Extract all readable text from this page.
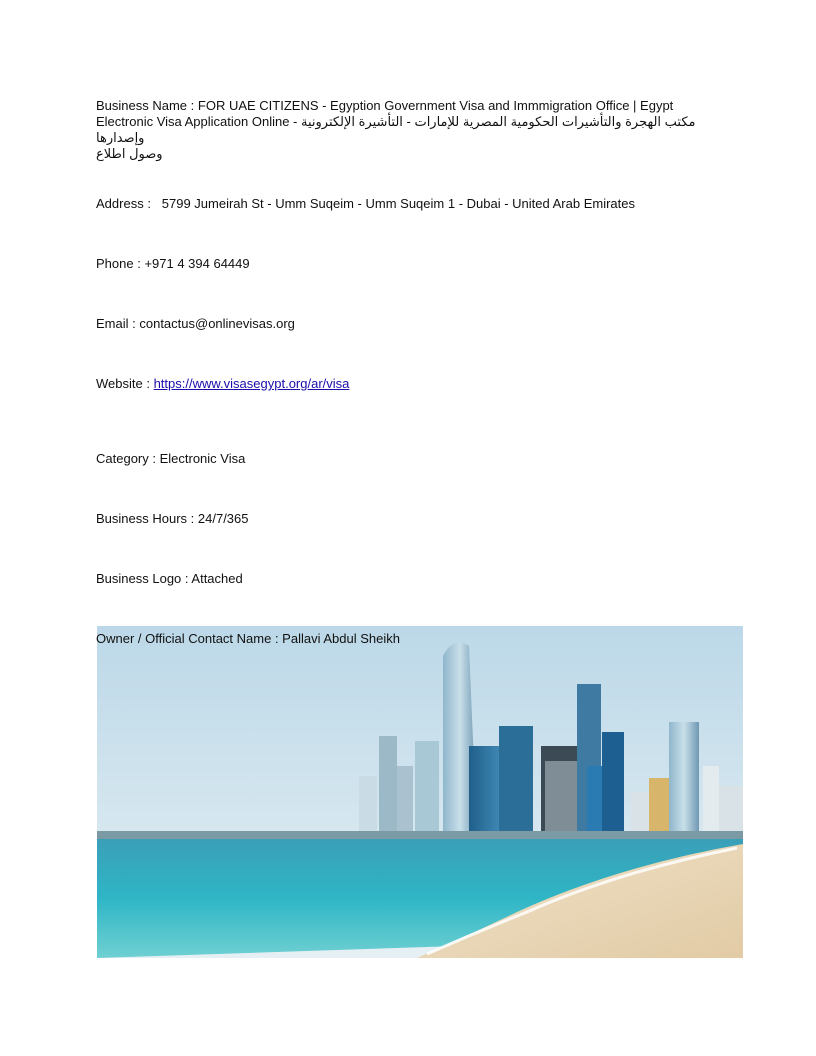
Business Name : FOR UAE CITIZENS - Egyption Government Visa and Immmigration Office | Egypt
Electronic Visa Application Online - مكتب الهجرة والتأشيرات الحكومية المصرية للإمارات - التأشيرة الإلكترونية وإصدارها
وصول اطلاع
Address :   5799 Jumeirah St - Umm Suqeim - Umm Suqeim 1 - Dubai - United Arab Emirates
Phone : +971 4 394 64449
Email : contactus@onlinevisas.org
Website : https://www.visasegypt.org/ar/visa
Category : Electronic Visa
Business Hours : 24/7/365
Business Logo : Attached
Owner / Official Contact Name : Pallavi Abdul Sheikh
